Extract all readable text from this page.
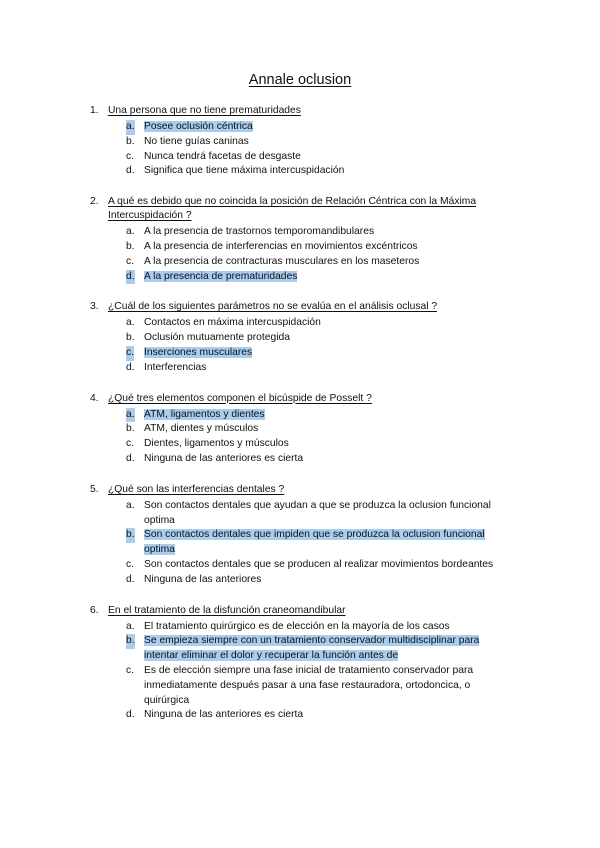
Annale oclusion
1. Una persona que no tiene prematuridades
a. Posee oclusión céntrica
b. No tiene guías caninas
c. Nunca tendrá facetas de desgaste
d. Significa que tiene máxima intercuspidación
2. A qué es debido que no coincida la posición de Relación Céntrica con la Máxima Intercuspidación ?
a. A la presencia de trastornos temporomandibulares
b. A la presencia de interferencias en movimientos excéntricos
c. A la presencia de contracturas musculares en los maseteros
d. A la presencia de prematuridades
3. ¿Cuál de los siguientes parámetros no se evalúa en el análisis oclusal ?
a. Contactos en máxima intercuspidación
b. Oclusión mutuamente protegida
c. Inserciones musculares
d. Interferencias
4. ¿Qué tres elementos componen el bicúspide de Posselt ?
a. ATM, ligamentos y dientes
b. ATM, dientes y músculos
c. Dientes, ligamentos y músculos
d. Ninguna de las anteriores es cierta
5. ¿Qué son las interferencias dentales ?
a. Son contactos dentales que ayudan a que se produzca la oclusion funcional optima
b. Son contactos dentales que impiden que se produzca la oclusion funcional optima
c. Son contactos dentales que se producen al realizar movimientos bordeantes
d. Ninguna de las anteriores
6. En el tratamiento de la disfunción craneomandibular
a. El tratamiento quirúrgico es de elección en la mayoría de los casos
b. Se empieza siempre con un tratamiento conservador multidisciplinar para intentar eliminar el dolor y recuperar la función antes de
c. Es de elección siempre una fase inicial de tratamiento conservador para inmediatamente después pasar a una fase restauradora, ortodoncica, o quirúrgica
d. Ninguna de las anteriores es cierta
